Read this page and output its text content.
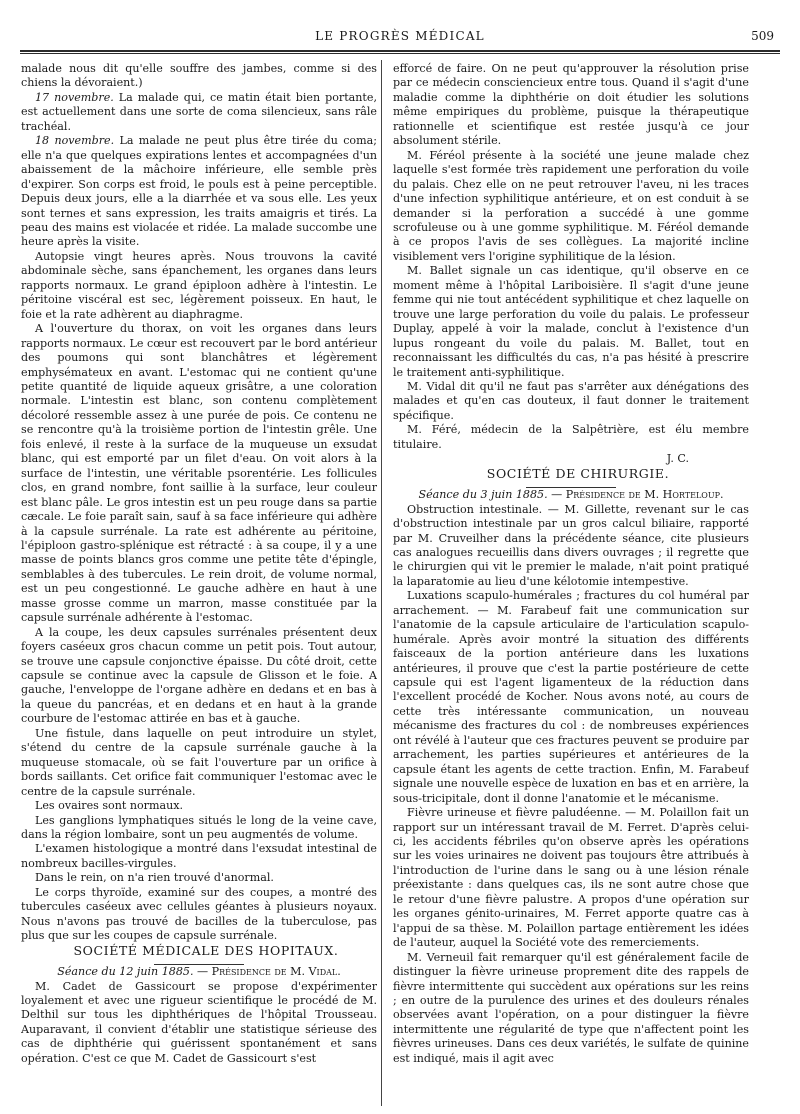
LE PROGRÈS MÉDICAL	509

malade nous dit qu'elle souffre des jambes, comme si des chiens la dévoraient.)

17 novembre. La malade qui, ce matin était bien portante, est actuellement dans une sorte de coma silencieux, sans râle trachéal.

18 novembre. La malade ne peut plus être tirée du coma; elle n'a que quelques expirations lentes et accompagnées d'un abaissement de la mâchoire inférieure, elle semble près d'expirer. Son corps est froid, le pouls est à peine perceptible. Depuis deux jours, elle a la diarrhée et va sous elle. Les yeux sont ternes et sans expression, les traits amaigris et tirés. La peau des mains est violacée et ridée. La malade succombe une heure après la visite.

Autopsie vingt heures après. Nous trouvons la cavité abdominale sèche, sans épanchement, les organes dans leurs rapports normaux. Le grand épiploon adhère à l'intestin. Le péritoine viscéral est sec, légèrement poisseux. En haut, le foie et la rate adhèrent au diaphragme.

A l'ouverture du thorax, on voit les organes dans leurs rapports normaux. Le cœur est recouvert par le bord antérieur des poumons qui sont blanchâtres et légèrement emphysémateux en avant. L'estomac qui ne contient qu'une petite quantité de liquide aqueux grisâtre, a une coloration normale. L'intestin est blanc, son contenu complètement décoloré ressemble assez à une purée de pois. Ce contenu ne se rencontre qu'à la troisième portion de l'intestin grêle. Une fois enlevé, il reste à la surface de la muqueuse un exsudat blanc, qui est emporté par un filet d'eau. On voit alors à la surface de l'intestin, une véritable psorentérie. Les follicules clos, en grand nombre, font saillie à la surface, leur couleur est blanc pâle. Le gros intestin est un peu rouge dans sa partie cæcale. Le foie paraît sain, sauf à sa face inférieure qui adhère à la capsule surrénale. La rate est adhérente au péritoine, l'épiploon gastro-splénique est rétracté : à sa coupe, il y a une masse de points blancs gros comme une petite tête d'épingle, semblables à des tubercules. Le rein droit, de volume normal, est un peu congestionné. Le gauche adhère en haut à une masse grosse comme un marron, masse constituée par la capsule surrénale adhérente à l'estomac.

A la coupe, les deux capsules surrénales présentent deux foyers caséeux gros chacun comme un petit pois. Tout autour, se trouve une capsule conjonctive épaisse. Du côté droit, cette capsule se continue avec la capsule de Glisson et le foie. A gauche, l'enveloppe de l'organe adhère en dedans et en bas à la queue du pancréas, et en dedans et en haut à la grande courbure de l'estomac attirée en bas et à gauche.

Une fistule, dans laquelle on peut introduire un stylet, s'étend du centre de la capsule surrénale gauche à la muqueuse stomacale, où se fait l'ouverture par un orifice à bords saillants. Cet orifice fait communiquer l'estomac avec le centre de la capsule surrénale.

Les ovaires sont normaux.

Les ganglions lymphatiques situés le long de la veine cave, dans la région lombaire, sont un peu augmentés de volume.

L'examen histologique a montré dans l'exsudat intestinal de nombreux bacilles-virgules.

Dans le rein, on n'a rien trouvé d'anormal.

Le corps thyroïde, examiné sur des coupes, a montré des tubercules caséeux avec cellules géantes à plusieurs noyaux. Nous n'avons pas trouvé de bacilles de la tuberculose, pas plus que sur les coupes de capsule surrénale.

SOCIÉTÉ MÉDICALE DES HOPITAUX.

Séance du 12 juin 1885. — Présidence de M. Vidal.

M. Cadet de Gassicourt se propose d'expérimenter loyalement et avec une rigueur scientifique le procédé de M. Delthil sur tous les diphthériques de l'hôpital Trousseau. Auparavant, il convient d'établir une statistique sérieuse des cas de diphthérie qui guérissent spontanément et sans opération. C'est ce que M. Cadet de Gassicourt s'est

efforcé de faire. On ne peut qu'approuver la résolution prise par ce médecin consciencieux entre tous. Quand il s'agit d'une maladie comme la diphthérie on doit étudier les solutions même empiriques du problème, puisque la thérapeutique rationnelle et scientifique est restée jusqu'à ce jour absolument stérile.

M. Féréol présente à la société une jeune malade chez laquelle s'est formée très rapidement une perforation du voile du palais. Chez elle on ne peut retrouver l'aveu, ni les traces d'une infection syphilitique antérieure, et on est conduit à se demander si la perforation a succédé à une gomme scrofuleuse ou à une gomme syphilitique. M. Féréol demande à ce propos l'avis de ses collègues. La majorité incline visiblement vers l'origine syphilitique de la lésion.

M. Ballet signale un cas identique, qu'il observe en ce moment même à l'hôpital Lariboisière. Il s'agit d'une jeune femme qui nie tout antécédent syphilitique et chez laquelle on trouve une large perforation du voile du palais. Le professeur Duplay, appelé à voir la malade, conclut à l'existence d'un lupus rongeant du voile du palais. M. Ballet, tout en reconnaissant les difficultés du cas, n'a pas hésité à prescrire le traitement anti-syphilitique.

M. Vidal dit qu'il ne faut pas s'arrêter aux dénégations des malades et qu'en cas douteux, il faut donner le traitement spécifique.

M. Féré, médecin de la Salpêtrière, est élu membre titulaire.

J. C.

SOCIÉTÉ DE CHIRURGIE.

Séance du 3 juin 1885. — Présidence de M. Horteloup.

Obstruction intestinale. — M. Gillette, revenant sur le cas d'obstruction intestinale par un gros calcul biliaire, rapporté par M. Cruveilher dans la précédente séance, cite plusieurs cas analogues recueillis dans divers ouvrages ; il regrette que le chirurgien qui vit le premier le malade, n'ait point pratiqué la laparatomie au lieu d'une kélotomie intempestive.

Luxations scapulo-humérales ; fractures du col huméral par arrachement. — M. Farabeuf fait une communication sur l'anatomie de la capsule articulaire de l'articulation scapulo-humérale. Après avoir montré la situation des différents faisceaux de la portion antérieure dans les luxations antérieures, il prouve que c'est la partie postérieure de cette capsule qui est l'agent ligamenteux de la réduction dans l'excellent procédé de Kocher. Nous avons noté, au cours de cette très intéressante communication, un nouveau mécanisme des fractures du col : de nombreuses expériences ont révélé à l'auteur que ces fractures peuvent se produire par arrachement, les parties supérieures et antérieures de la capsule étant les agents de cette traction. Enfin, M. Farabeuf signale une nouvelle espèce de luxation en bas et en arrière, la sous-tricipitale, dont il donne l'anatomie et le mécanisme.

Fièvre urineuse et fièvre paludéenne. — M. Polaillon fait un rapport sur un intéressant travail de M. Ferret. D'après celui-ci, les accidents fébriles qu'on observe après les opérations sur les voies urinaires ne doivent pas toujours être attribués à l'introduction de l'urine dans le sang ou à une lésion rénale préexistante : dans quelques cas, ils ne sont autre chose que le retour d'une fièvre palustre. A propos d'une opération sur les organes génito-urinaires, M. Ferret apporte quatre cas à l'appui de sa thèse. M. Polaillon partage entièrement les idées de l'auteur, auquel la Société vote des remerciements.

M. Verneuil fait remarquer qu'il est généralement facile de distinguer la fièvre urineuse proprement dite des rappels de fièvre intermittente qui succèdent aux opérations sur les reins ; en outre de la purulence des urines et des douleurs rénales observées avant l'opération, on a pour distinguer la fièvre intermittente une régularité de type que n'affectent point les fièvres urineuses. Dans ces deux variétés, le sulfate de quinine est indiqué, mais il agit avec
